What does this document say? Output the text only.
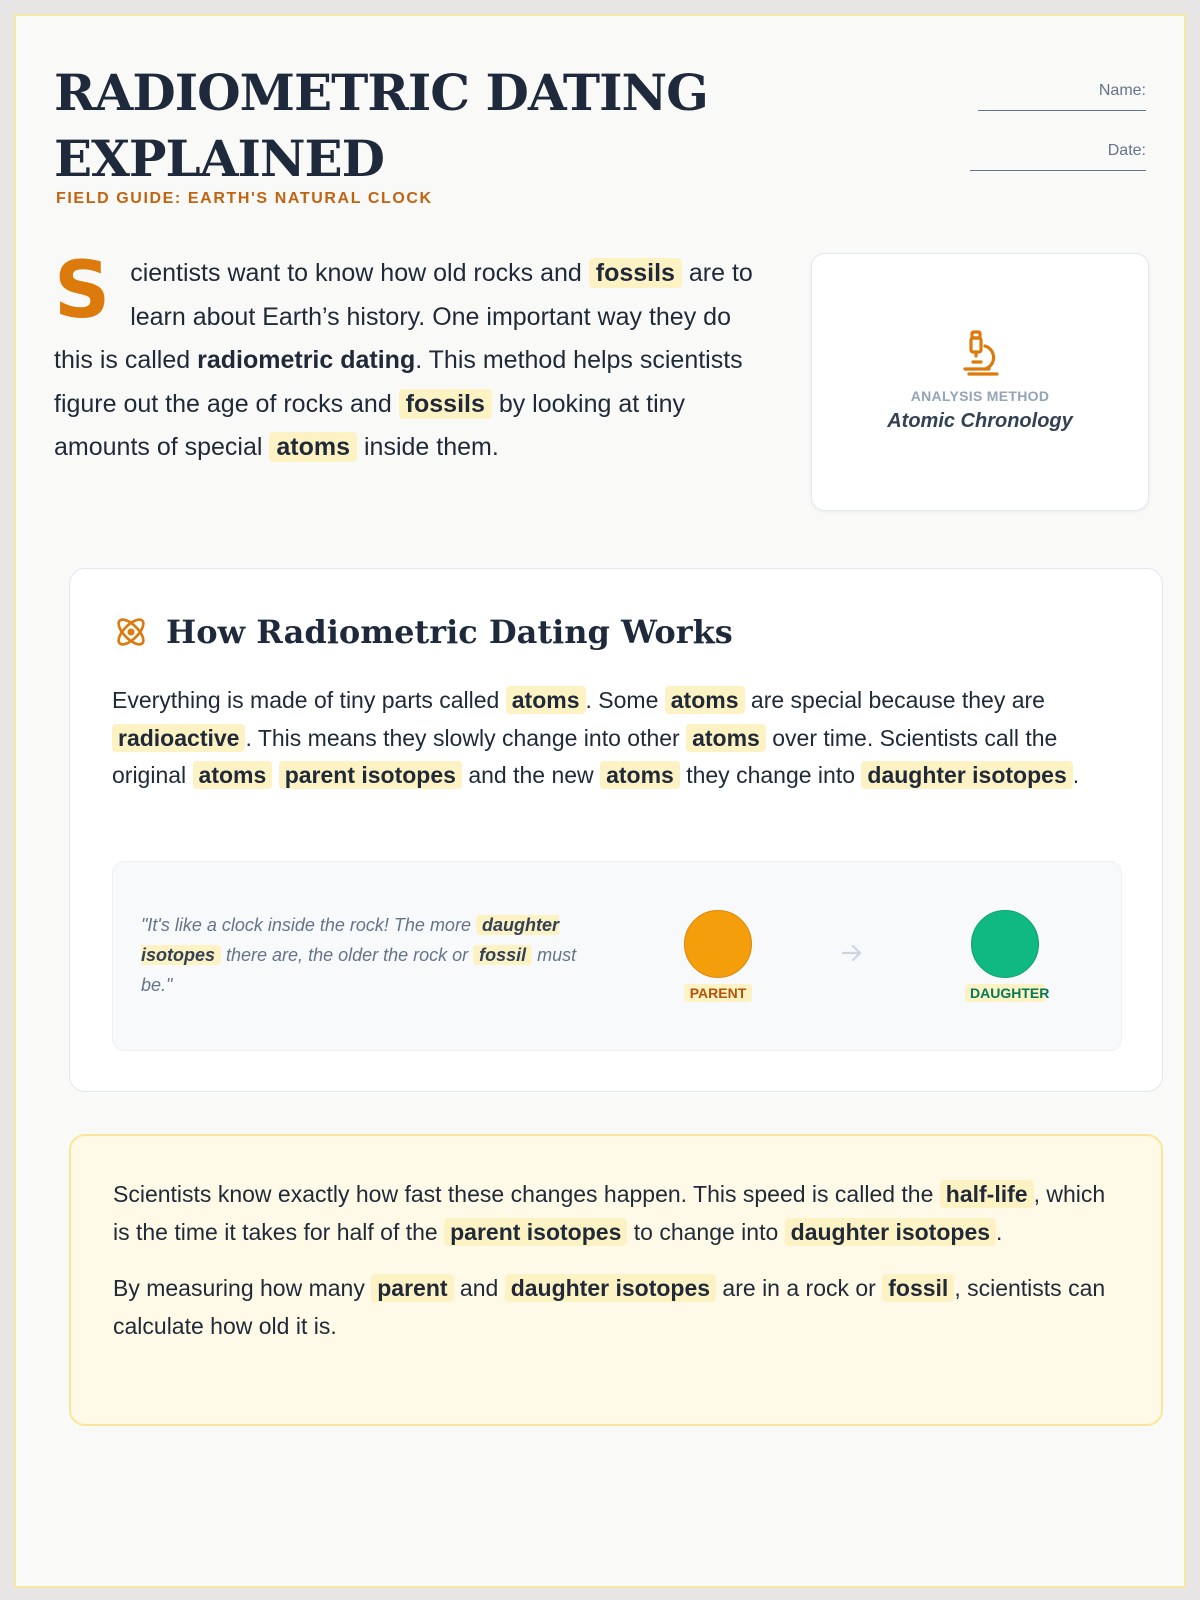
RADIOMETRIC DATING
EXPLAINED
FIELD GUIDE: EARTH'S NATURAL CLOCK
Name:
Date:
Scientists want to know how old rocks and fossils are to learn about Earth’s history. One important way they do this is called radiometric dating. This method helps scientists figure out the age of rocks and fossils by looking at tiny amounts of special atoms inside them.
ANALYSIS METHOD
Atomic Chronology
How Radiometric Dating Works
Everything is made of tiny parts called atoms . Some atoms are special because they are radioactive . This means they slowly change into other atoms over time. Scientists call the original atoms parent isotopes and the new atoms they change into daughter isotopes .
"It's like a clock inside the rock! The more daughter isotopes there are, the older the rock or fossil must be."	PARENT	DAUGHTER

Scientists know exactly how fast these changes happen. This speed is called the half-life , which is the time it takes for half of the parent isotopes to change into daughter isotopes .

By measuring how many parent and daughter isotopes are in a rock or fossil , scientists can calculate how old it is.
